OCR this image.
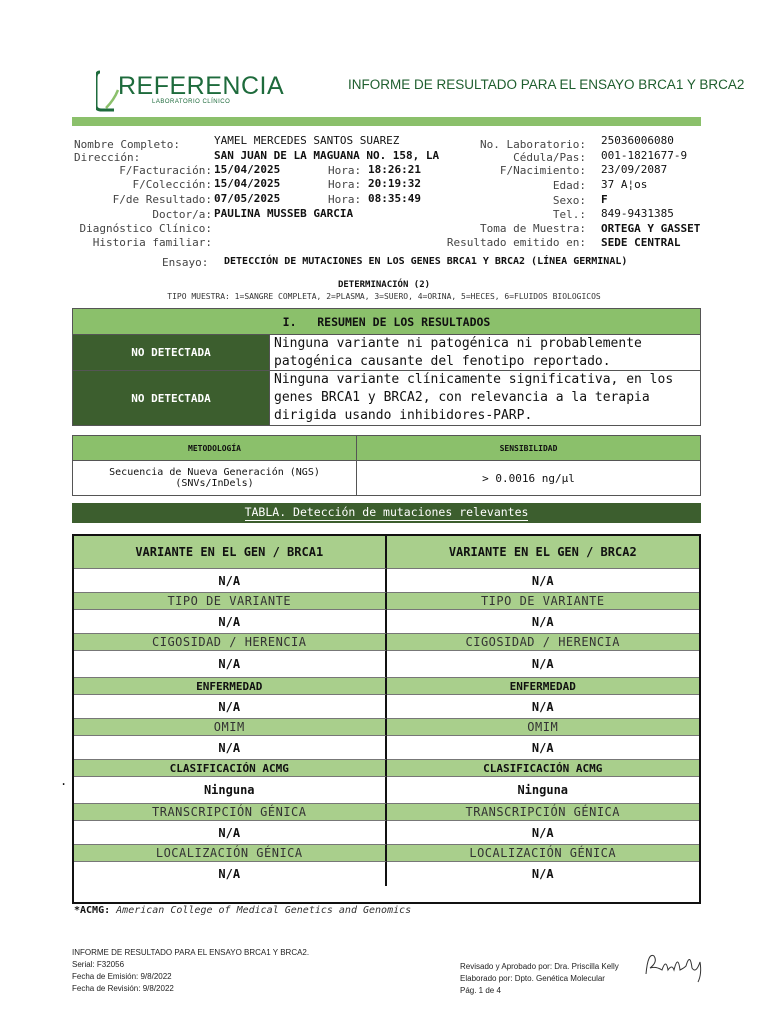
REFERENCIA
LABORATORIO CLÍNICO
INFORME DE RESULTADO PARA EL ENSAYO BRCA1 Y BRCA2
Nombre Completo:	YAMEL MERCEDES SANTOS SUAREZ
Dirección:	SAN JUAN DE LA MAGUANA NO. 158, LA
F/Facturación: 15/04/2025	Hora: 18:26:21
F/Colección: 15/04/2025	Hora: 20:19:32
F/de Resultado: 07/05/2025	Hora: 08:35:49
Doctor/a: PAULINA MUSSEB GARCIA
Diagnóstico Clínico:
Historia familiar:
No. Laboratorio: 25036006080
Cédula/Pas: 001-1821677-9
F/Nacimiento: 23/09/2087
Edad: 37 A¦os
Sexo: F
Tel.: 849-9431385
Toma de Muestra: ORTEGA Y GASSET
Resultado emitido en: SEDE CENTRAL
Ensayo: DETECCIÓN DE MUTACIONES EN LOS GENES BRCA1 Y BRCA2 (LÍNEA GERMINAL)
DETERMINACIÓN (2)
TIPO MUESTRA: 1=SANGRE COMPLETA, 2=PLASMA, 3=SUERO, 4=ORINA, 5=HECES, 6=FLUIDOS BIOLOGICOS
I.   RESUMEN DE LOS RESULTADOS
NO DETECTADA
Ninguna variante ni patogénica ni probablemente
patogénica causante del fenotipo reportado.
NO DETECTADA
Ninguna variante clínicamente significativa, en los
genes BRCA1 y BRCA2, con relevancia a la terapia
dirigida usando inhibidores-PARP.
METODOLOGÍA	SENSIBILIDAD
Secuencia de Nueva Generación (NGS)
(SNVs/InDels)	> 0.0016 ng/µl
TABLA. Detección de mutaciones relevantes
VARIANTE EN EL GEN / BRCA1	VARIANTE EN EL GEN / BRCA2
N/A	N/A
TIPO DE VARIANTE	TIPO DE VARIANTE
N/A	N/A
CIGOSIDAD / HERENCIA	CIGOSIDAD / HERENCIA
N/A	N/A
ENFERMEDAD	ENFERMEDAD
N/A	N/A
OMIM	OMIM
N/A	N/A
CLASIFICACIÓN ACMG	CLASIFICACIÓN ACMG
Ninguna	Ninguna
TRANSCRIPCIÓN GÉNICA	TRANSCRIPCIÓN GÉNICA
N/A	N/A
LOCALIZACIÓN GÉNICA	LOCALIZACIÓN GÉNICA
N/A	N/A
.
*ACMG: American College of Medical Genetics and Genomics
INFORME DE RESULTADO PARA EL ENSAYO BRCA1 Y BRCA2.
Serial: F32056
Fecha de Emisión: 9/8/2022
Fecha de Revisión: 9/8/2022
Revisado y Aprobado por: Dra. Priscilla Kelly
Elaborado por: Dpto. Genética Molecular
Pág. 1 de 4
